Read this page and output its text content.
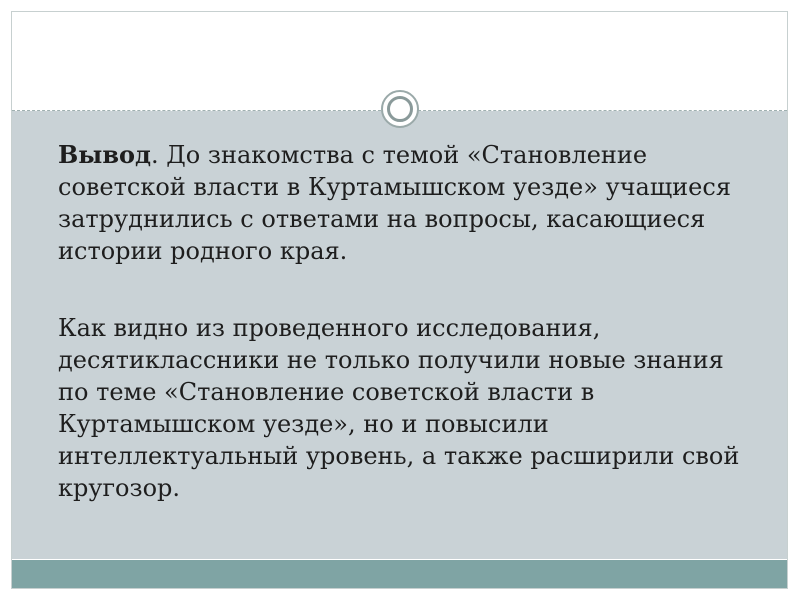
Вывод. До знакомства с темой «Становление советской власти в Куртамышском уезде» учащиеся затруднились с ответами на вопросы, касающиеся истории родного края.

Как видно из проведенного исследования, десятиклассники не только получили новые знания по теме «Становление советской власти в Куртамышском уезде», но и повысили интеллектуальный уровень, а также расширили свой кругозор.
